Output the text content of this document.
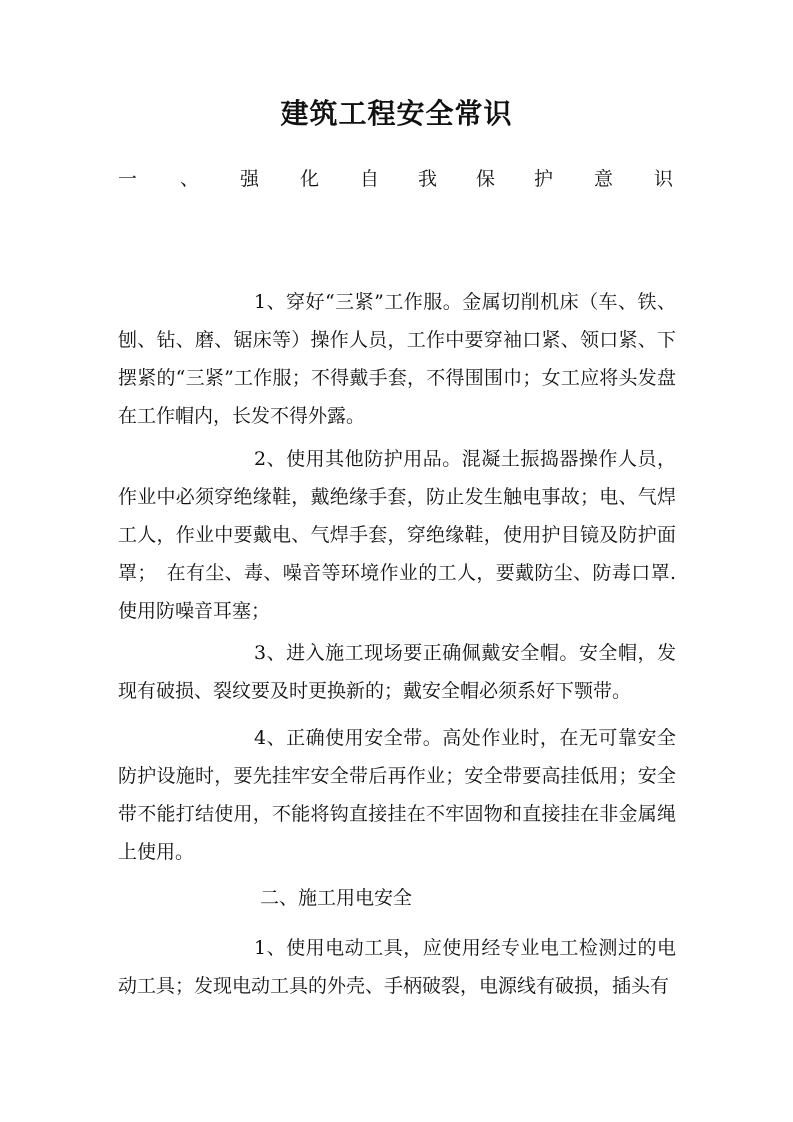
建筑工程安全常识
一 、 强 化 自 我 保 护 意 识

1、穿好“三紧”工作服。金属切削机床（车、铁、刨、钻、磨、锯床等）操作人员，工作中要穿袖口紧、领口紧、下摆紧的“三紧”工作服；不得戴手套，不得围围巾；女工应将头发盘在工作帽内，长发不得外露。

2、使用其他防护用品。混凝土振捣器操作人员，作业中必须穿绝缘鞋，戴绝缘手套，防止发生触电事故；电、气焊工人，作业中要戴电、气焊手套，穿绝缘鞋，使用护目镜及防护面罩；　在有尘、毒、噪音等环境作业的工人，要戴防尘、防毒口罩.使用防噪音耳塞；

3、进入施工现场要正确佩戴安全帽。安全帽，发现有破损、裂纹要及时更换新的；戴安全帽必须系好下颚带。

4、正确使用安全带。高处作业时，在无可靠安全防护设施时，要先挂牢安全带后再作业；安全带要高挂低用；安全带不能打结使用，不能将钩直接挂在不牢固物和直接挂在非金属绳上使用。

二、施工用电安全

1、使用电动工具，应使用经专业电工检测过的电动工具；发现电动工具的外壳、手柄破裂，电源线有破损，插头有
